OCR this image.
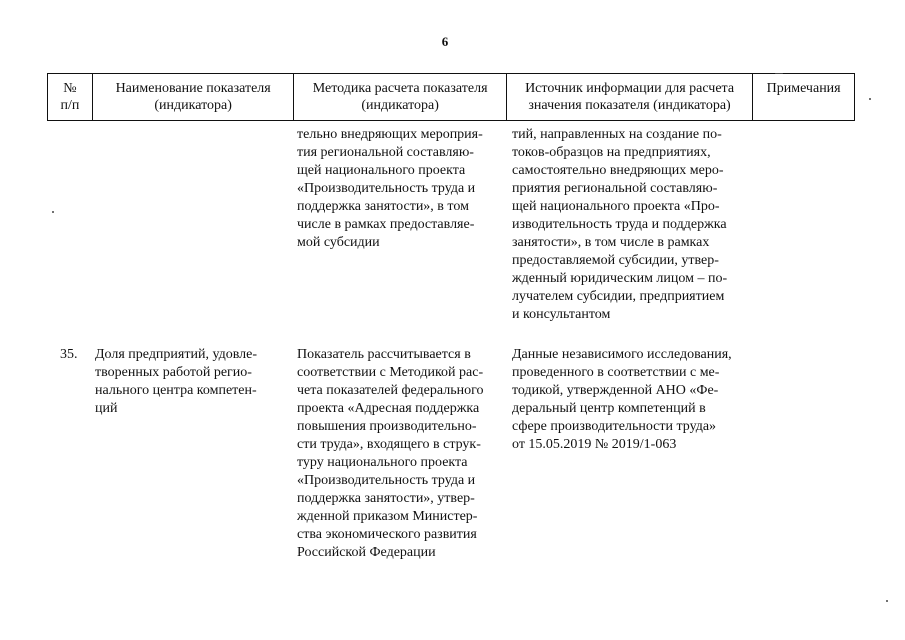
6
№
п/п
Наименование показателя
(индикатора)
Методика расчета показателя
(индикатора)
Источник информации для расчета
значения показателя (индикатора)
Примечания
тельно внедряющих мероприя-
тия региональной составляю-
щей национального проекта
«Производительность труда и
поддержка занятости», в том
числе в рамках предоставляе-
мой субсидии
тий, направленных на создание по-
токов-образцов на предприятиях,
самостоятельно внедряющих меро-
приятия региональной составляю-
щей национального проекта «Про-
изводительность труда и поддержка
занятости», в том числе в рамках
предоставляемой субсидии, утвер-
жденный юридическим лицом – по-
лучателем субсидии, предприятием
и консультантом
35. Доля предприятий, удовле-
творенных работой регио-
нального центра компетен-
ций
Показатель рассчитывается в
соответствии с Методикой рас-
чета показателей федерального
проекта «Адресная поддержка
повышения производительно-
сти труда», входящего в струк-
туру национального проекта
«Производительность труда и
поддержка занятости», утвер-
жденной приказом Министер-
ства экономического развития
Российской Федерации
Данные независимого исследования,
проведенного в соответствии с ме-
тодикой, утвержденной АНО «Фе-
деральный центр компетенций в
сфере производительности труда»
от 15.05.2019 № 2019/1-063
